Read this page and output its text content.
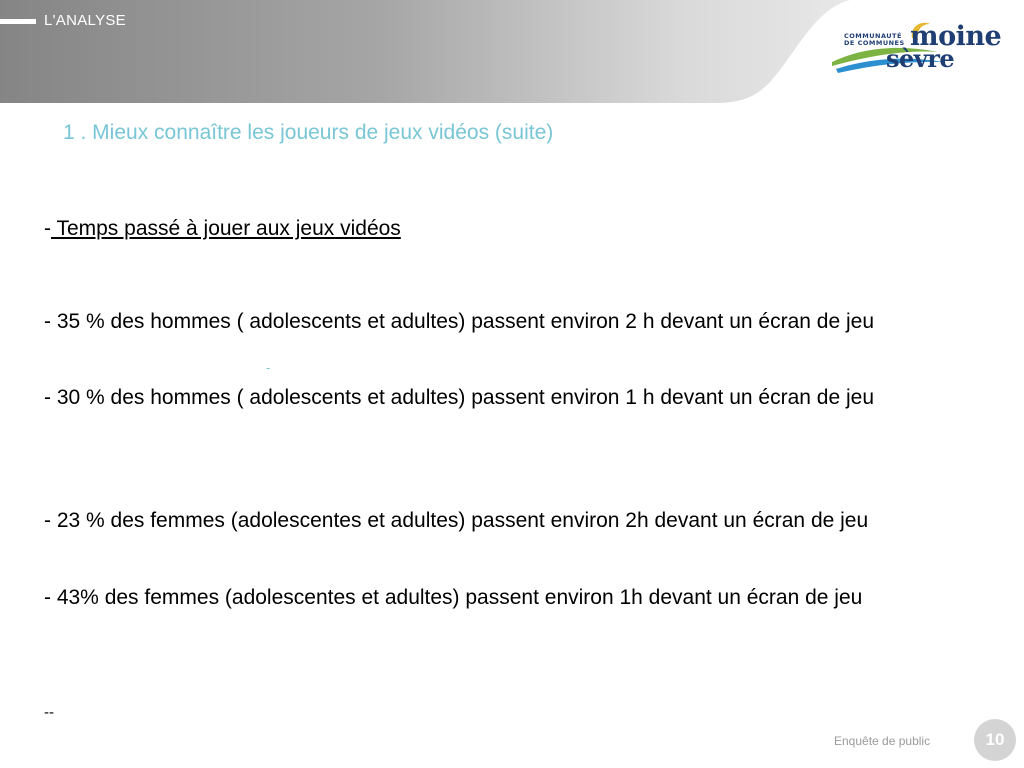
L'ANALYSE
COMMUNAUTÉ
DE COMMUNES moine
sèvre
1 . Mieux connaître les joueurs de jeux vidéos (suite)
- Temps passé à jouer aux jeux vidéos
- 35 % des hommes ( adolescents et adultes) passent environ 2 h devant un écran de jeu
-
- 30 % des hommes ( adolescents et adultes) passent environ 1 h devant un écran de jeu
- 23 % des femmes (adolescentes et adultes) passent environ 2h devant un écran de jeu
- 43% des femmes (adolescentes et adultes) passent environ 1h devant un écran de jeu
--
Enquête de public	10
